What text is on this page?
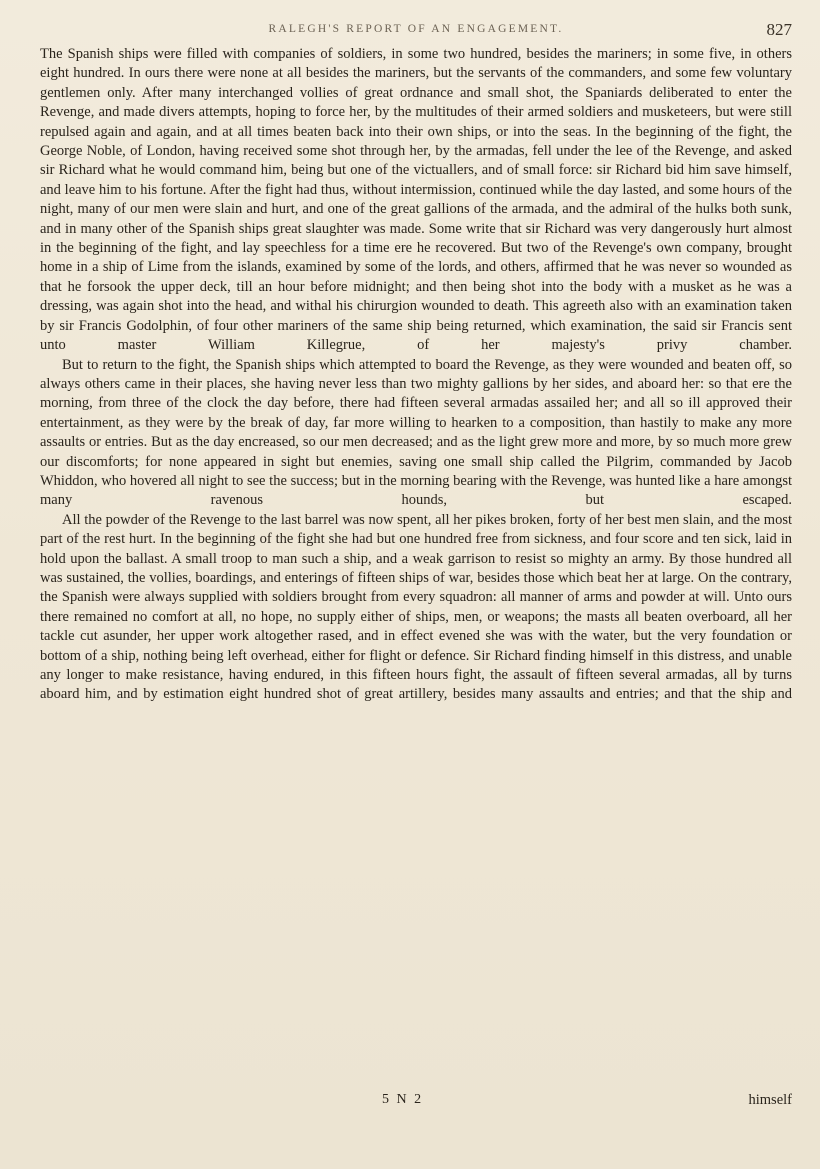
RALEGH'S REPORT OF AN ENGAGEMENT.	827

The Spanish ships were filled with companies of soldiers, in some two hundred, besides the mariners; in some five, in others eight hundred. In ours there were none at all besides the mariners, but the servants of the commanders, and some few voluntary gentlemen only. After many interchanged vollies of great ordnance and small shot, the Spaniards deliberated to enter the Revenge, and made divers attempts, hoping to force her, by the multitudes of their armed soldiers and musketeers, but were still repulsed again and again, and at all times beaten back into their own ships, or into the seas. In the beginning of the fight, the George Noble, of London, having received some shot through her, by the armadas, fell under the lee of the Revenge, and asked sir Richard what he would command him, being but one of the victuallers, and of small force: sir Richard bid him save himself, and leave him to his fortune. After the fight had thus, without intermission, continued while the day lasted, and some hours of the night, many of our men were slain and hurt, and one of the great gallions of the armada, and the admiral of the hulks both sunk, and in many other of the Spanish ships great slaughter was made. Some write that sir Richard was very dangerously hurt almost in the beginning of the fight, and lay speechless for a time ere he recovered. But two of the Revenge's own company, brought home in a ship of Lime from the islands, examined by some of the lords, and others, affirmed that he was never so wounded as that he forsook the upper deck, till an hour before midnight; and then being shot into the body with a musket as he was a dressing, was again shot into the head, and withal his chirurgion wounded to death. This agreeth also with an examination taken by sir Francis Godolphin, of four other mariners of the same ship being returned, which examination, the said sir Francis sent unto master William Killegrue, of her majesty's privy chamber.

But to return to the fight, the Spanish ships which attempted to board the Revenge, as they were wounded and beaten off, so always others came in their places, she having never less than two mighty gallions by her sides, and aboard her: so that ere the morning, from three of the clock the day before, there had fifteen several armadas assailed her; and all so ill approved their entertainment, as they were by the break of day, far more willing to hearken to a composition, than hastily to make any more assaults or entries. But as the day encreased, so our men decreased; and as the light grew more and more, by so much more grew our discomforts; for none appeared in sight but enemies, saving one small ship called the Pilgrim, commanded by Jacob Whiddon, who hovered all night to see the success; but in the morning bearing with the Revenge, was hunted like a hare amongst many ravenous hounds, but escaped.

All the powder of the Revenge to the last barrel was now spent, all her pikes broken, forty of her best men slain, and the most part of the rest hurt. In the beginning of the fight she had but one hundred free from sickness, and four score and ten sick, laid in hold upon the ballast. A small troop to man such a ship, and a weak garrison to resist so mighty an army. By those hundred all was sustained, the vollies, boardings, and enterings of fifteen ships of war, besides those which beat her at large. On the contrary, the Spanish were always supplied with soldiers brought from every squadron: all manner of arms and powder at will. Unto ours there remained no comfort at all, no hope, no supply either of ships, men, or weapons; the masts all beaten overboard, all her tackle cut asunder, her upper work altogether rased, and in effect evened she was with the water, but the very foundation or bottom of a ship, nothing being left overhead, either for flight or defence. Sir Richard finding himself in this distress, and unable any longer to make resistance, having endured, in this fifteen hours fight, the assault of fifteen several armadas, all by turns aboard him, and by estimation eight hundred shot of great artillery, besides many assaults and entries; and that the ship and

5 N 2	himself
